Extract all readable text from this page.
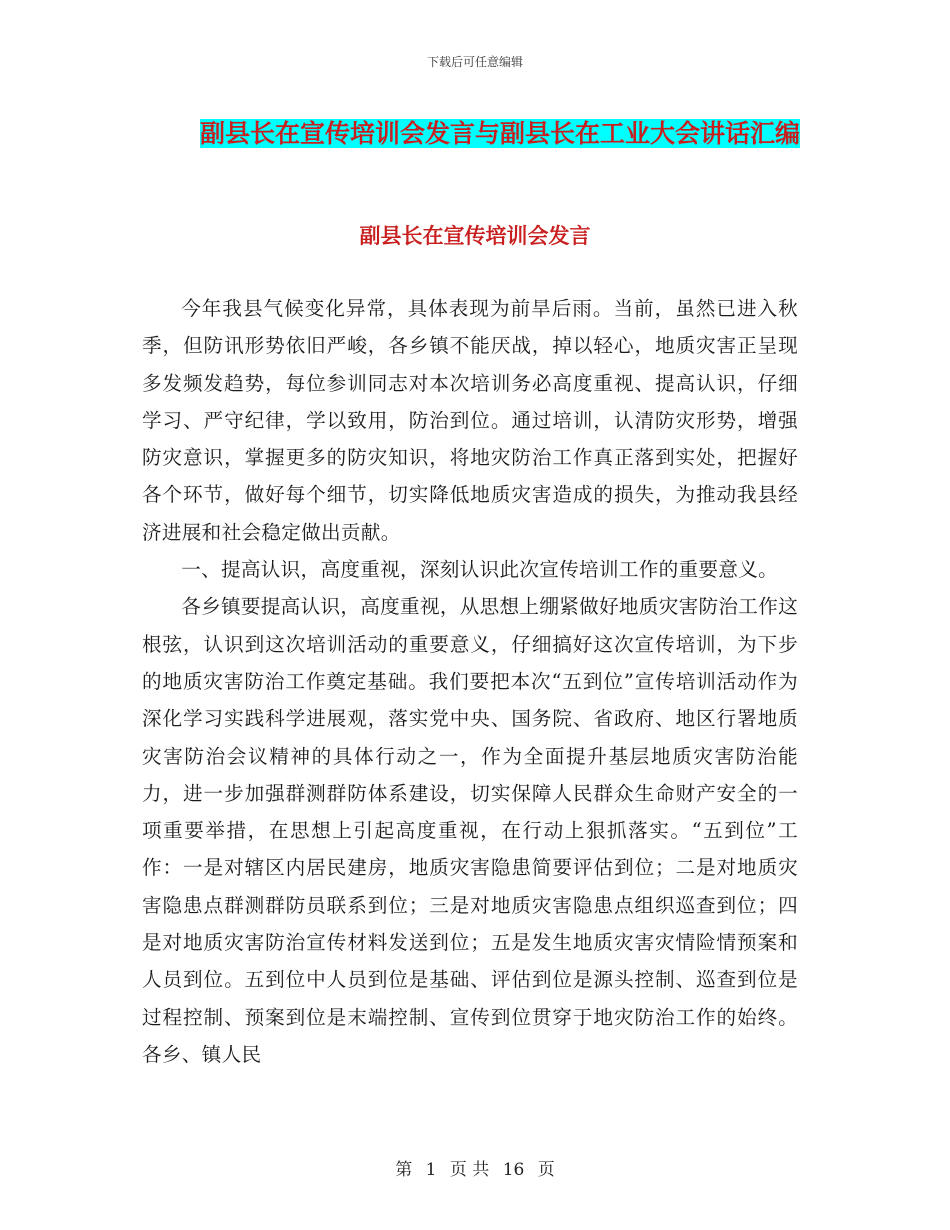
下载后可任意编辑
副县长在宣传培训会发言与副县长在工业大会讲话汇编
副县长在宣传培训会发言

今年我县气候变化异常，具体表现为前旱后雨。当前，虽然已进入秋季，但防讯形势依旧严峻，各乡镇不能厌战，掉以轻心，地质灾害正呈现多发频发趋势，每位参训同志对本次培训务必高度重视、提高认识，仔细学习、严守纪律，学以致用，防治到位。通过培训，认清防灾形势，增强防灾意识，掌握更多的防灾知识，将地灾防治工作真正落到实处，把握好各个环节，做好每个细节，切实降低地质灾害造成的损失，为推动我县经济进展和社会稳定做出贡献。

一、提高认识，高度重视，深刻认识此次宣传培训工作的重要意义。

各乡镇要提高认识，高度重视，从思想上绷紧做好地质灾害防治工作这根弦，认识到这次培训活动的重要意义，仔细搞好这次宣传培训，为下步的地质灾害防治工作奠定基础。我们要把本次“五到位”宣传培训活动作为深化学习实践科学进展观，落实党中央、国务院、省政府、地区行署地质灾害防治会议精神的具体行动之一，作为全面提升基层地质灾害防治能力，进一步加强群测群防体系建设，切实保障人民群众生命财产安全的一项重要举措，在思想上引起高度重视，在行动上狠抓落实。“五到位”工作：一是对辖区内居民建房，地质灾害隐患简要评估到位；二是对地质灾害隐患点群测群防员联系到位；三是对地质灾害隐患点组织巡查到位；四是对地质灾害防治宣传材料发送到位；五是发生地质灾害灾情险情预案和人员到位。五到位中人员到位是基础、评估到位是源头控制、巡查到位是过程控制、预案到位是末端控制、宣传到位贯穿于地灾防治工作的始终。各乡、镇人民

第 1 页 共 16 页
